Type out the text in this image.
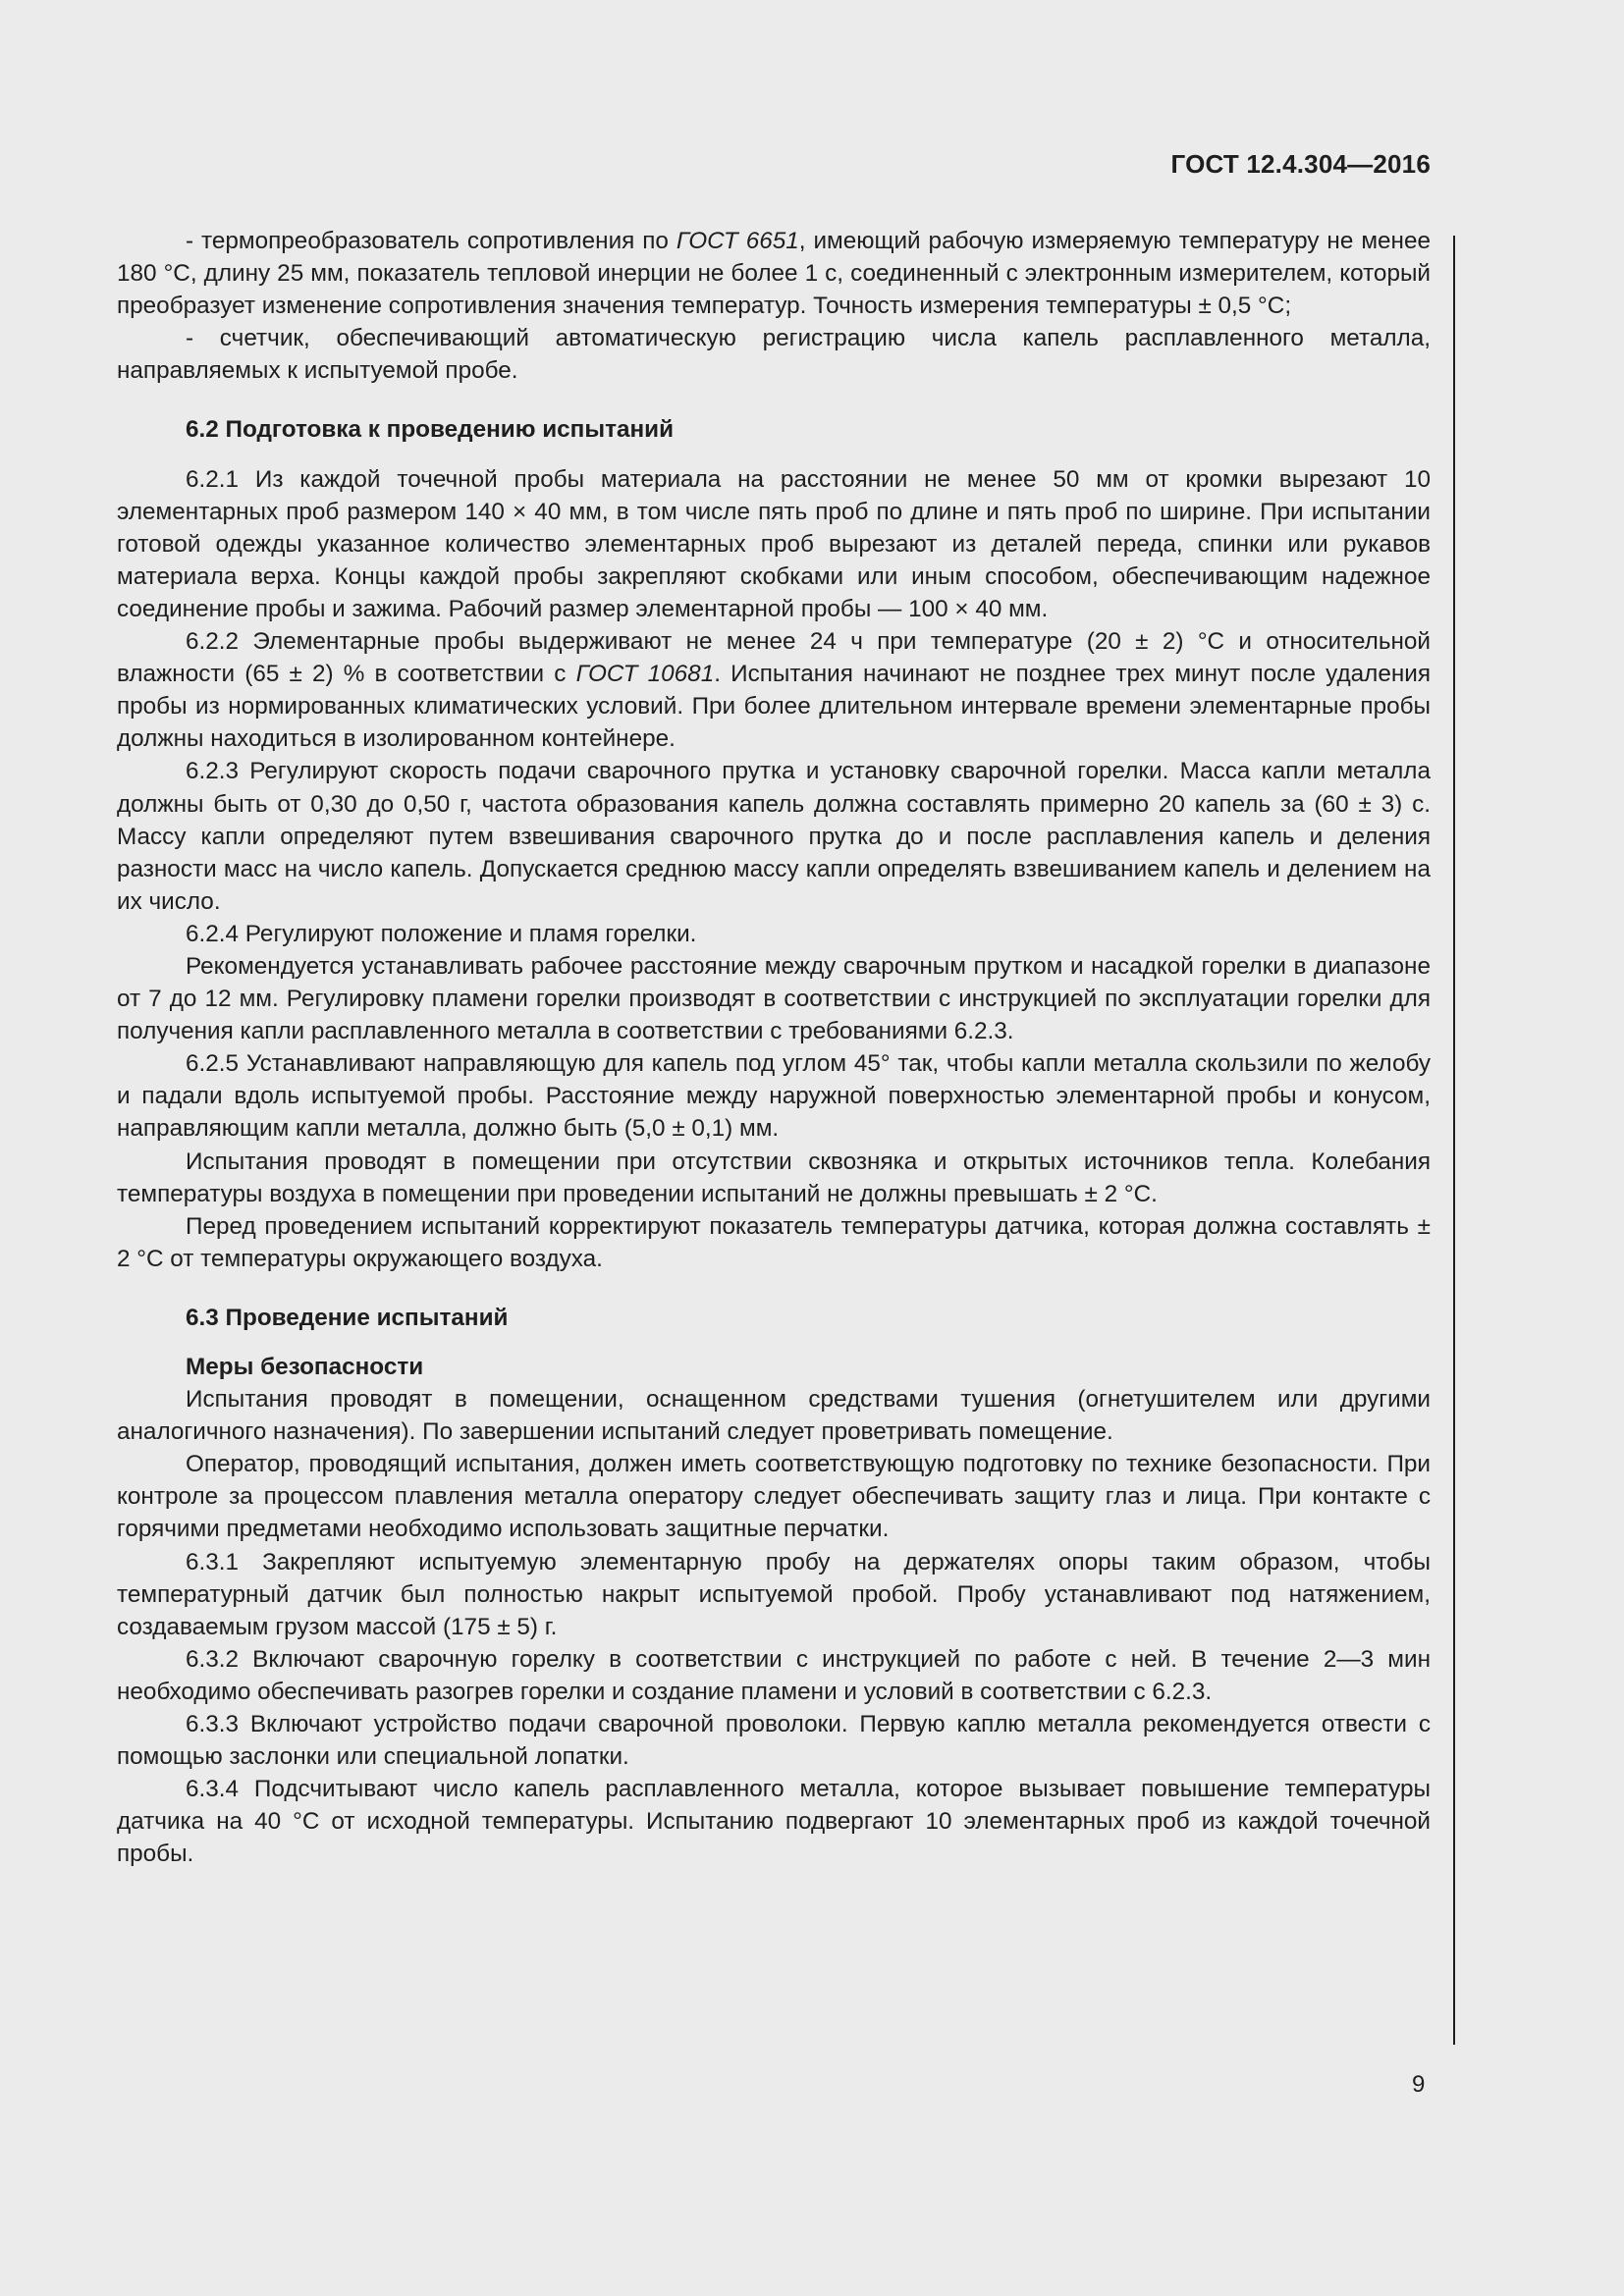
ГОСТ 12.4.304—2016

- термопреобразователь сопротивления по ГОСТ 6651, имеющий рабочую измеряемую температуру не менее 180 °С, длину 25 мм, показатель тепловой инерции не более 1 с, соединенный с электронным измерителем, который преобразует изменение сопротивления значения температур. Точность измерения температуры ± 0,5 °С;

- счетчик, обеспечивающий автоматическую регистрацию числа капель расплавленного металла, направляемых к испытуемой пробе.

6.2 Подготовка к проведению испытаний

6.2.1 Из каждой точечной пробы материала на расстоянии не менее 50 мм от кромки вырезают 10 элементарных проб размером 140 × 40 мм, в том числе пять проб по длине и пять проб по ширине. При испытании готовой одежды указанное количество элементарных проб вырезают из деталей переда, спинки или рукавов материала верха. Концы каждой пробы закрепляют скобками или иным способом, обеспечивающим надежное соединение пробы и зажима. Рабочий размер элементарной пробы — 100 × 40 мм.

6.2.2 Элементарные пробы выдерживают не менее 24 ч при температуре (20 ± 2) °С и относительной влажности (65 ± 2) % в соответствии с ГОСТ 10681. Испытания начинают не позднее трех минут после удаления пробы из нормированных климатических условий. При более длительном интервале времени элементарные пробы должны находиться в изолированном контейнере.

6.2.3 Регулируют скорость подачи сварочного прутка и установку сварочной горелки. Масса капли металла должны быть от 0,30 до 0,50 г, частота образования капель должна составлять примерно 20 капель за (60 ± 3) с. Массу капли определяют путем взвешивания сварочного прутка до и после расплавления капель и деления разности масс на число капель. Допускается среднюю массу капли определять взвешиванием капель и делением на их число.

6.2.4 Регулируют положение и пламя горелки.

Рекомендуется устанавливать рабочее расстояние между сварочным прутком и насадкой горелки в диапазоне от 7 до 12 мм. Регулировку пламени горелки производят в соответствии с инструкцией по эксплуатации горелки для получения капли расплавленного металла в соответствии с требованиями 6.2.3.

6.2.5 Устанавливают направляющую для капель под углом 45° так, чтобы капли металла скользили по желобу и падали вдоль испытуемой пробы. Расстояние между наружной поверхностью элементарной пробы и конусом, направляющим капли металла, должно быть (5,0 ± 0,1) мм.

Испытания проводят в помещении при отсутствии сквозняка и открытых источников тепла. Колебания температуры воздуха в помещении при проведении испытаний не должны превышать ± 2 °С.

Перед проведением испытаний корректируют показатель температуры датчика, которая должна составлять ± 2 °С от температуры окружающего воздуха.

6.3 Проведение испытаний
Меры безопасности

Испытания проводят в помещении, оснащенном средствами тушения (огнетушителем или другими аналогичного назначения). По завершении испытаний следует проветривать помещение.

Оператор, проводящий испытания, должен иметь соответствующую подготовку по технике безопасности. При контроле за процессом плавления металла оператору следует обеспечивать защиту глаз и лица. При контакте с горячими предметами необходимо использовать защитные перчатки.

6.3.1 Закрепляют испытуемую элементарную пробу на держателях опоры таким образом, чтобы температурный датчик был полностью накрыт испытуемой пробой. Пробу устанавливают под натяжением, создаваемым грузом массой (175 ± 5) г.

6.3.2 Включают сварочную горелку в соответствии с инструкцией по работе с ней. В течение 2—3 мин необходимо обеспечивать разогрев горелки и создание пламени и условий в соответствии с 6.2.3.

6.3.3 Включают устройство подачи сварочной проволоки. Первую каплю металла рекомендуется отвести с помощью заслонки или специальной лопатки.

6.3.4 Подсчитывают число капель расплавленного металла, которое вызывает повышение температуры датчика на 40 °С от исходной температуры. Испытанию подвергают 10 элементарных проб из каждой точечной пробы.

9
